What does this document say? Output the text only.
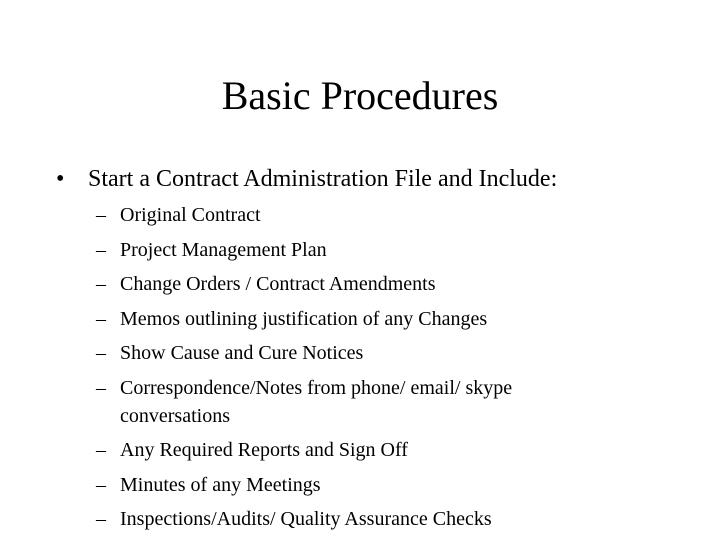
Basic Procedures
• Start a Contract Administration File and Include:
– Original Contract
– Project Management Plan
– Change Orders / Contract Amendments
– Memos outlining justification of any Changes
– Show Cause and Cure Notices
– Correspondence/Notes from phone/ email/ skype conversations
– Any Required Reports and Sign Off
– Minutes of any Meetings
– Inspections/Audits/ Quality Assurance Checks
